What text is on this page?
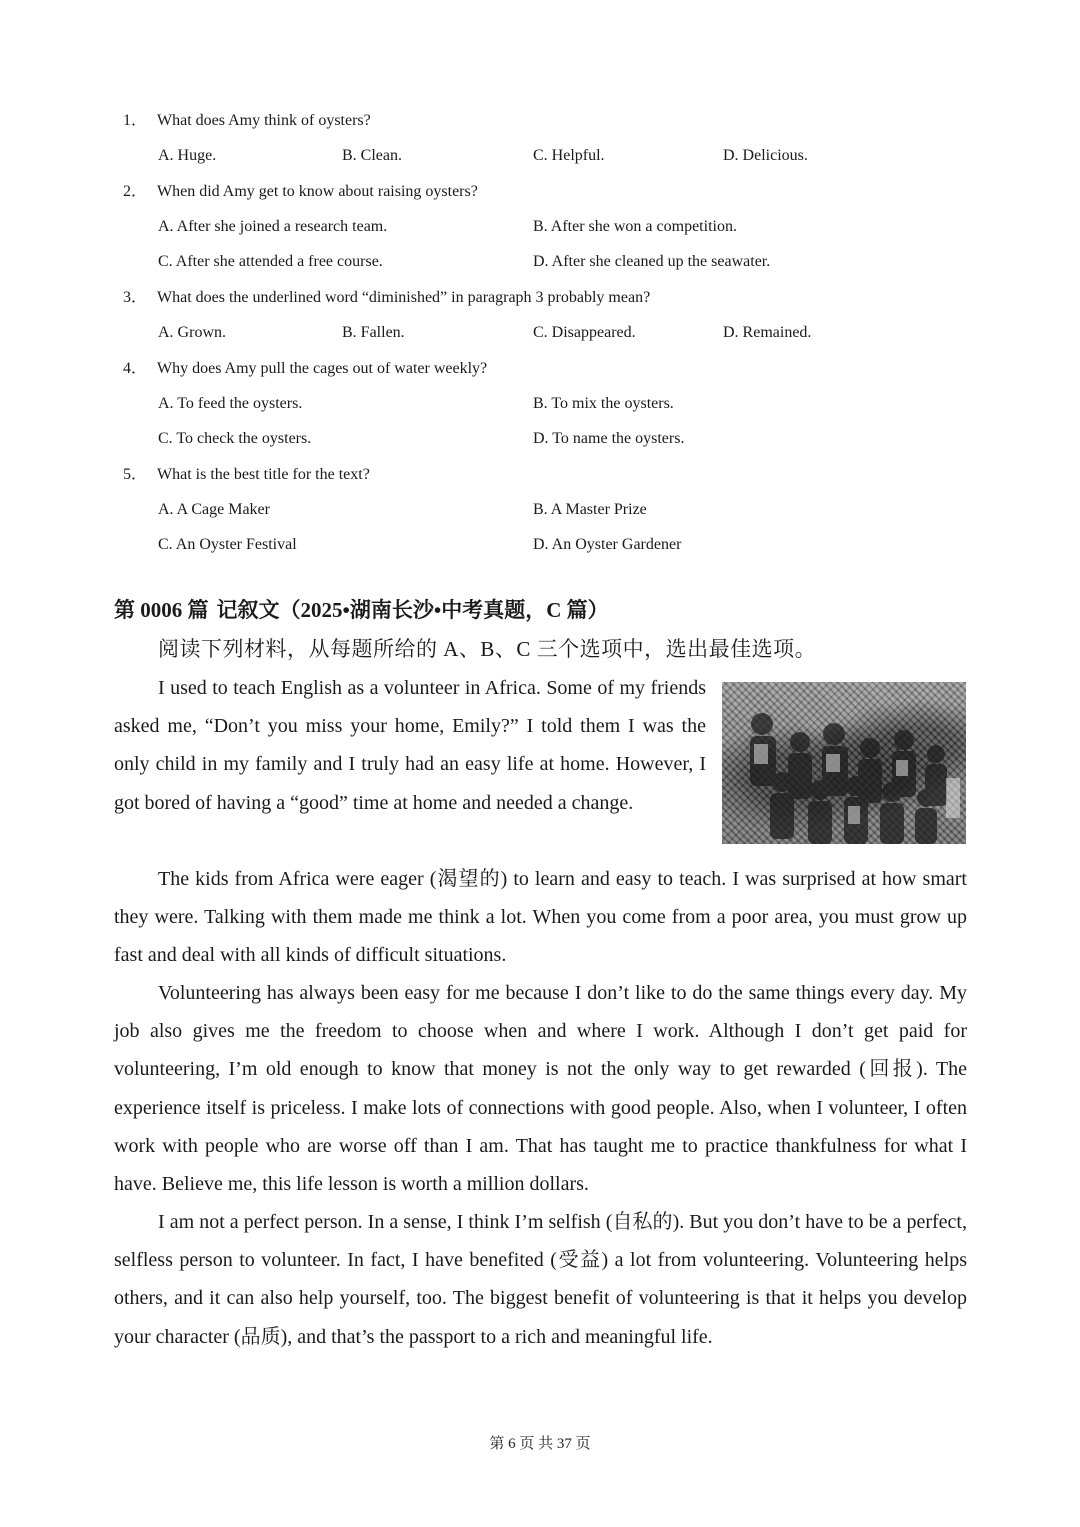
1． What does Amy think of oysters?
A. Huge.	B. Clean.	C. Helpful.	D. Delicious.
2． When did Amy get to know about raising oysters?
A. After she joined a research team.	B. After she won a competition.
C. After she attended a free course.	D. After she cleaned up the seawater.
3． What does the underlined word “diminished” in paragraph 3 probably mean?
A. Grown.	B. Fallen.	C. Disappeared.	D. Remained.
4． Why does Amy pull the cages out of water weekly?
A. To feed the oysters.	B. To mix the oysters.
C. To check the oysters.	D. To name the oysters.
5． What is the best title for the text?
A. A Cage Maker	B. A Master Prize
C. An Oyster Festival	D. An Oyster Gardener
第 0006 篇 记叙文（2025•湖南长沙•中考真题，C 篇）
阅读下列材料，从每题所给的 A、B、C 三个选项中，选出最佳选项。

I used to teach English as a volunteer in Africa. Some of my friends asked me, “Don’t you miss your home, Emily?” I told them I was the only child in my family and I truly had an easy life at home. However, I got bored of having a “good” time at home and needed a change.

The kids from Africa were eager (渴望的) to learn and easy to teach. I was surprised at how smart they were. Talking with them made me think a lot. When you come from a poor area, you must grow up fast and deal with all kinds of difficult situations.

Volunteering has always been easy for me because I don’t like to do the same things every day. My job also gives me the freedom to choose when and where I work. Although I don’t get paid for volunteering, I’m old enough to know that money is not the only way to get rewarded (回报). The experience itself is priceless. I make lots of connections with good people. Also, when I volunteer, I often work with people who are worse off than I am. That has taught me to practice thankfulness for what I have. Believe me, this life lesson is worth a million dollars.

I am not a perfect person. In a sense, I think I’m selfish (自私的). But you don’t have to be a perfect, selfless person to volunteer. In fact, I have benefited (受益) a lot from volunteering. Volunteering helps others, and it can also help yourself, too. The biggest benefit of volunteering is that it helps you develop your character (品质), and that’s the passport to a rich and meaningful life.

第 6 页 共 37 页
